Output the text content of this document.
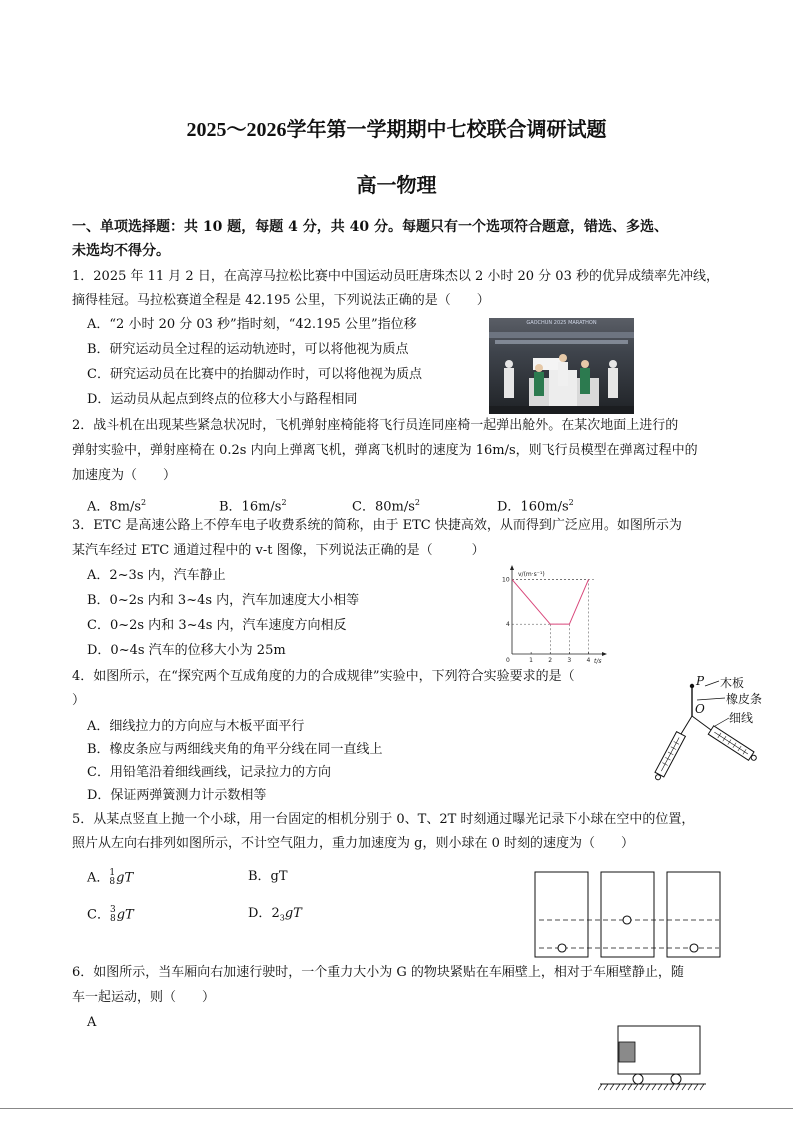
2025～2026学年第一学期期中七校联合调研试题
高一物理
一、单项选择题：共 10 题，每题 4 分，共 40 分。每题只有一个选项符合题意，错选、多选、
未选均不得分。
1．2025 年 11 月 2 日，在高淳马拉松比赛中中国运动员旺唐珠杰以 2 小时 20 分 03 秒的优异成绩率先冲线，
摘得桂冠。马拉松赛道全程是 42.195 公里，下列说法正确的是（　　）
A．“2 小时 20 分 03 秒”指时刻，“42.195 公里”指位移
B．研究运动员全过程的运动轨迹时，可以将他视为质点
C．研究运动员在比赛中的抬脚动作时，可以将他视为质点
D．运动员从起点到终点的位移大小与路程相同
GAOCHUN 2025 MARATHON
2．战斗机在出现某些紧急状况时，飞机弹射座椅能将飞行员连同座椅一起弹出舱外。在某次地面上进行的
弹射实验中，弹射座椅在 0.2s 内向上弹离飞机，弹离飞机时的速度为 16m/s，则飞行员模型在弹离过程中的
加速度为（　　）
A．$8m/s^2$	B．$16m/s^2$	C．$80m/s^2$	D．$160m/s^2$
3．ETC 是高速公路上不停车电子收费系统的简称，由于 ETC 快捷高效，从而得到广泛应用。如图所示为
某汽车经过 ETC 通道过程中的 v-t 图像，下列说法正确的是（　　　）
A．2~3s 内，汽车静止
B．0~2s 内和 3~4s 内，汽车加速度大小相等
C．0~2s 内和 3~4s 内，汽车速度方向相反
D．0~4s 汽车的位移大小为 25m
v/(m·s⁻¹)
t/s
0	1	2	3	4
4
10
4．如图所示，在“探究两个互成角度的力的合成规律”实验中，下列符合实验要求的是（
）
A．细线拉力的方向应与木板平面平行
B．橡皮条应与两细线夹角的角平分线在同一直线上
C．用铅笔沿着细线画线，记录拉力的方向
D．保证两弹簧测力计示数相等
P 木板
橡皮条
O
细线
5．从某点竖直上抛一个小球，用一台固定的相机分别于 0、T、2T 时刻通过曝光记录下小球在空中的位置，
照片从左向右排列如图所示，不计空气阻力，重力加速度为 g，则小球在 0 时刻的速度为（　　）
A．1
8gT	B．gT
C．3
8gT	D．$2_3gT$
6．如图所示，当车厢向右加速行驶时，一个重力大小为 G 的物块紧贴在车厢壁上，相对于车厢壁静止，随
车一起运动，则（　　）
A
